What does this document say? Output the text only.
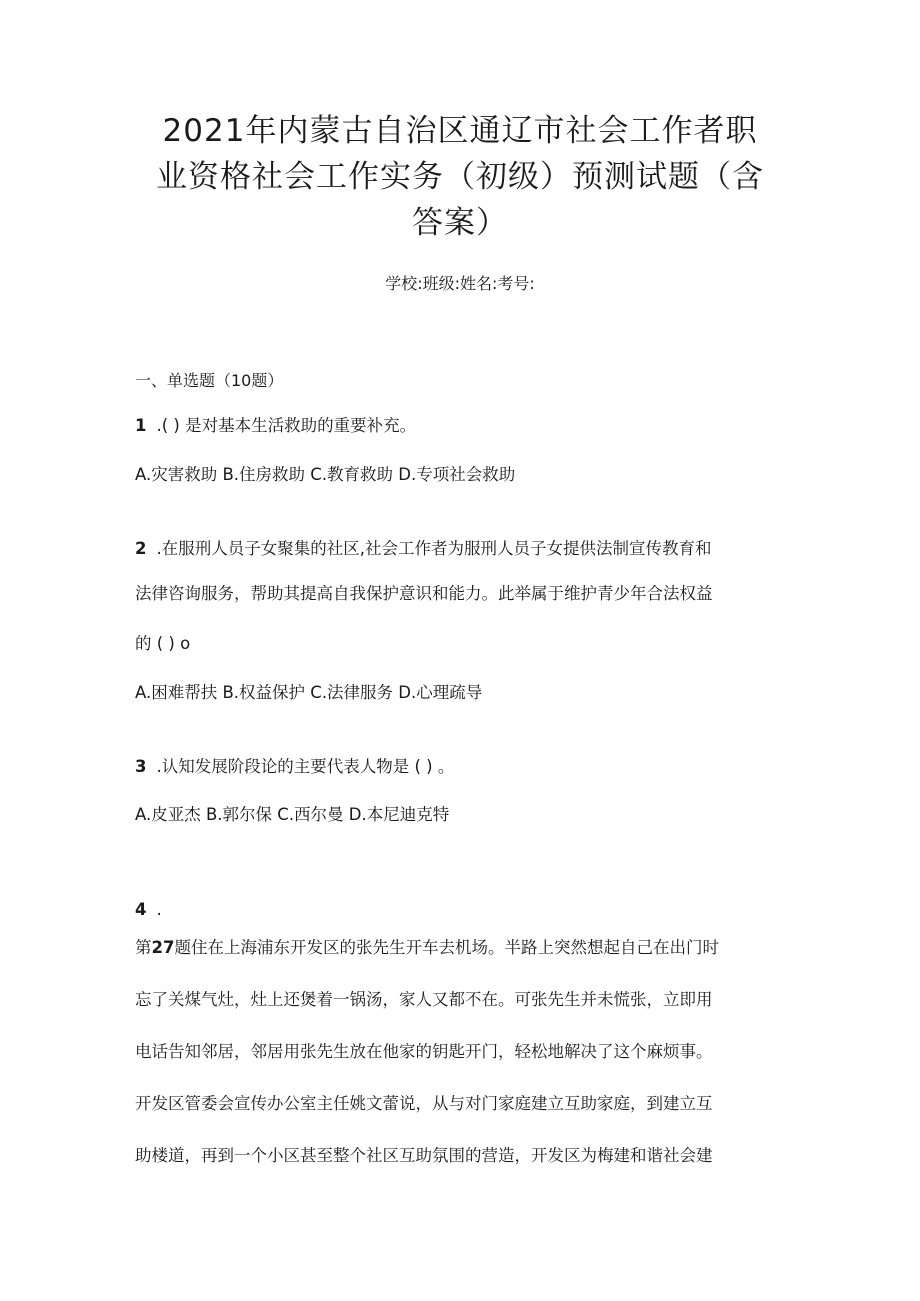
2021年内蒙古自治区通辽市社会工作者职
业资格社会工作实务（初级）预测试题（含
答案）
学校:班级:姓名:考号:
一、单选题（10题）
1 .( ) 是对基本生活救助的重要补充。
A.灾害救助 B.住房救助 C.教育救助 D.专项社会救助
2 .在服刑人员子女聚集的社区,社会工作者为服刑人员子女提供法制宣传教育和
法律咨询服务，帮助其提高自我保护意识和能力。此举属于维护青少年合法权益
的 ( ) o
A.困难帮扶 B.权益保护 C.法律服务 D.心理疏导
3 .认知发展阶段论的主要代表人物是 ( ) 。
A.皮亚杰 B.郭尔保 C.西尔曼 D.本尼迪克特
4 .
第27题住在上海浦东开发区的张先生开车去机场。半路上突然想起自己在出门时
忘了关煤气灶，灶上还煲着一锅汤，家人又都不在。可张先生并未慌张，立即用
电话告知邻居，邻居用张先生放在他家的钥匙开门，轻松地解决了这个麻烦事。
开发区管委会宣传办公室主任姚文蕾说，从与对门家庭建立互助家庭，到建立互
助楼道，再到一个小区甚至整个社区互助氛围的营造，开发区为梅建和谐社会建
